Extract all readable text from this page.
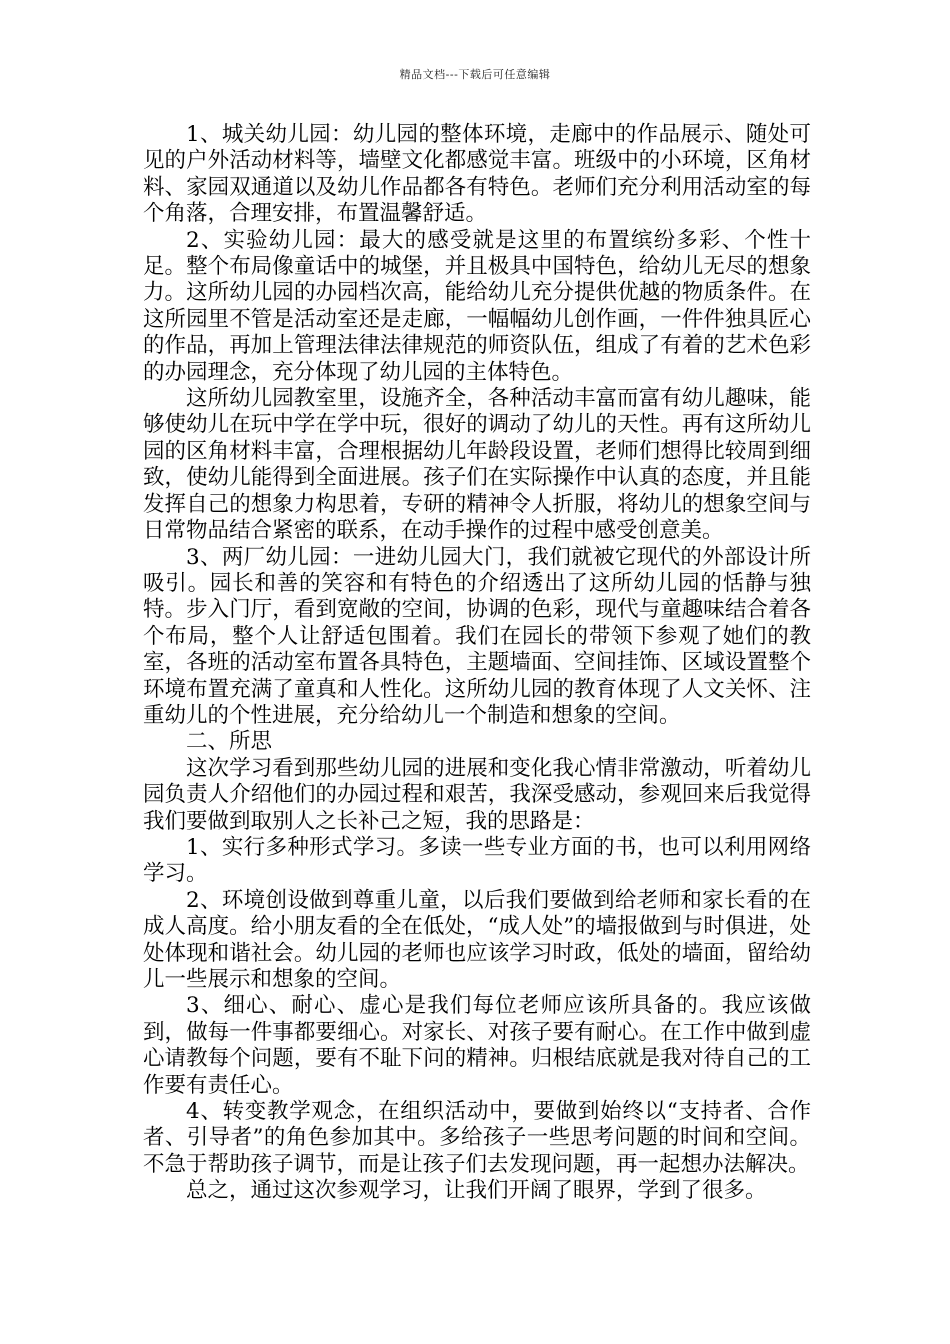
精品文档---下载后可任意编辑

1、城关幼儿园：幼儿园的整体环境，走廊中的作品展示、随处可见的户外活动材料等，墙壁文化都感觉丰富。班级中的小环境，区角材料、家园双通道以及幼儿作品都各有特色。老师们充分利用活动室的每个角落，合理安排，布置温馨舒适。

2、实验幼儿园：最大的感受就是这里的布置缤纷多彩、个性十足。整个布局像童话中的城堡，并且极具中国特色，给幼儿无尽的想象力。这所幼儿园的办园档次高，能给幼儿充分提供优越的物质条件。在这所园里不管是活动室还是走廊，一幅幅幼儿创作画，一件件独具匠心的作品，再加上管理法律法律规范的师资队伍，组成了有着的艺术色彩的办园理念，充分体现了幼儿园的主体特色。

这所幼儿园教室里，设施齐全，各种活动丰富而富有幼儿趣味，能够使幼儿在玩中学在学中玩，很好的调动了幼儿的天性。再有这所幼儿园的区角材料丰富，合理根据幼儿年龄段设置，老师们想得比较周到细致，使幼儿能得到全面进展。孩子们在实际操作中认真的态度，并且能发挥自己的想象力构思着，专研的精神令人折服，将幼儿的想象空间与日常物品结合紧密的联系，在动手操作的过程中感受创意美。

3、两厂幼儿园：一进幼儿园大门，我们就被它现代的外部设计所吸引。园长和善的笑容和有特色的介绍透出了这所幼儿园的恬静与独特。步入门厅，看到宽敞的空间，协调的色彩，现代与童趣味结合着各个布局，整个人让舒适包围着。我们在园长的带领下参观了她们的教室，各班的活动室布置各具特色，主题墙面、空间挂饰、区域设置整个环境布置充满了童真和人性化。这所幼儿园的教育体现了人文关怀、注重幼儿的个性进展，充分给幼儿一个制造和想象的空间。

二、所思

这次学习看到那些幼儿园的进展和变化我心情非常激动，听着幼儿园负责人介绍他们的办园过程和艰苦，我深受感动，参观回来后我觉得我们要做到取别人之长补己之短，我的思路是：

1、实行多种形式学习。多读一些专业方面的书，也可以利用网络学习。

2、环境创设做到尊重儿童，以后我们要做到给老师和家长看的在成人高度。给小朋友看的全在低处，“成人处”的墙报做到与时俱进，处处体现和谐社会。幼儿园的老师也应该学习时政，低处的墙面，留给幼儿一些展示和想象的空间。

3、细心、耐心、虚心是我们每位老师应该所具备的。我应该做到，做每一件事都要细心。对家长、对孩子要有耐心。在工作中做到虚心请教每个问题，要有不耻下问的精神。归根结底就是我对待自己的工作要有责任心。

4、转变教学观念，在组织活动中，要做到始终以“支持者、合作者、引导者”的角色参加其中。多给孩子一些思考问题的时间和空间。不急于帮助孩子调节，而是让孩子们去发现问题，再一起想办法解决。

总之，通过这次参观学习，让我们开阔了眼界，学到了很多。
